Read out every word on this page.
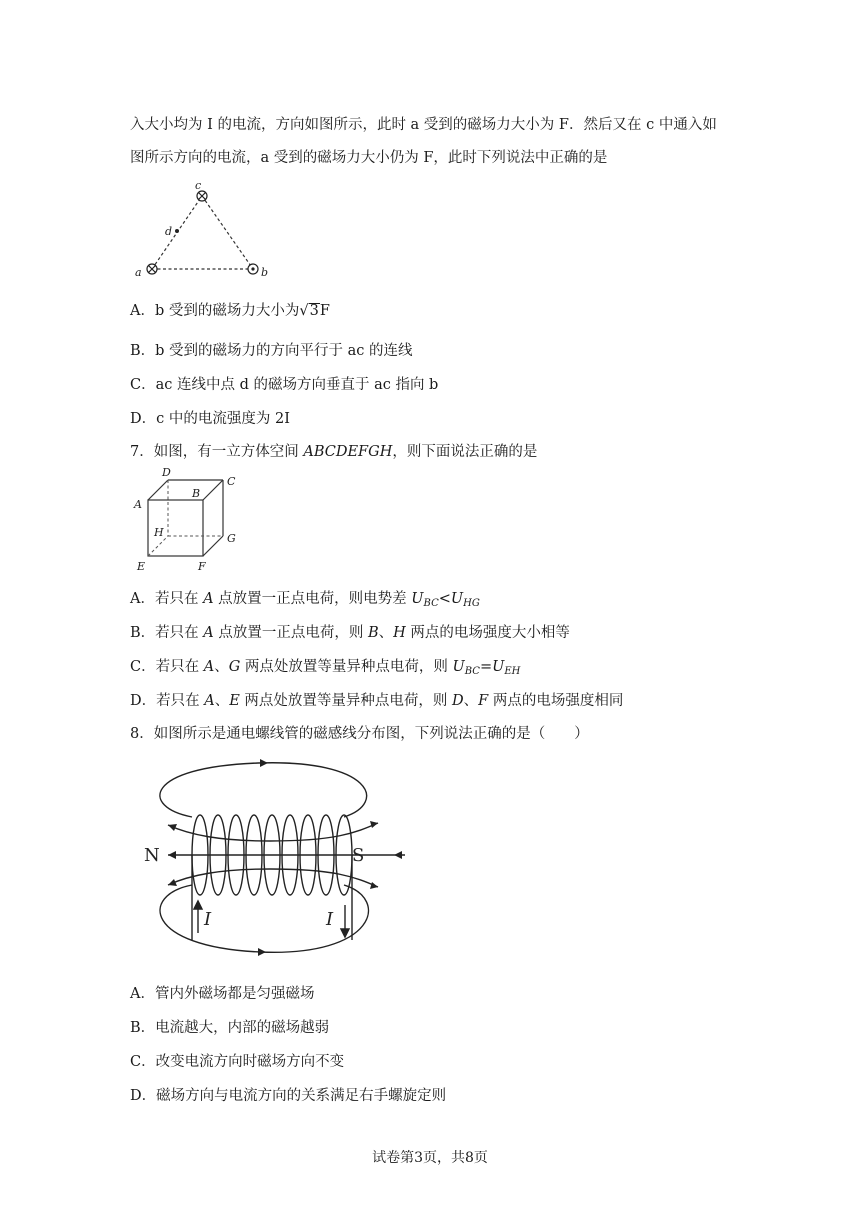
入大小均为 I 的电流，方向如图所示，此时 a 受到的磁场力大小为 F．然后又在 c 中通入如
图所示方向的电流，a 受到的磁场力大小仍为 F，此时下列说法中正确的是
a	b
c
d
A．b 受到的磁场力大小为√3F
B．b 受到的磁场力的方向平行于 ac 的连线
C．ac 连线中点 d 的磁场方向垂直于 ac 指向 b
D．c 中的电流强度为 2I
7．如图，有一立方体空间 ABCDEFGH，则下面说法正确的是
A
B
C
D
E	F
G
H
A．若只在 A 点放置一正点电荷，则电势差 $U_{BC}<U_{HG}$
B．若只在 A 点放置一正点电荷，则 B、H 两点的电场强度大小相等
C．若只在 A、G 两点处放置等量异种点电荷，则 $U_{BC}=U_{EH}$
D．若只在 A、E 两点处放置等量异种点电荷，则 D、F 两点的电场强度相同
8．如图所示是通电螺线管的磁感线分布图，下列说法正确的是（　　）
N	S
I	I
A．管内外磁场都是匀强磁场
B．电流越大，内部的磁场越弱
C．改变电流方向时磁场方向不变
D．磁场方向与电流方向的关系满足右手螺旋定则
试卷第3页，共8页
